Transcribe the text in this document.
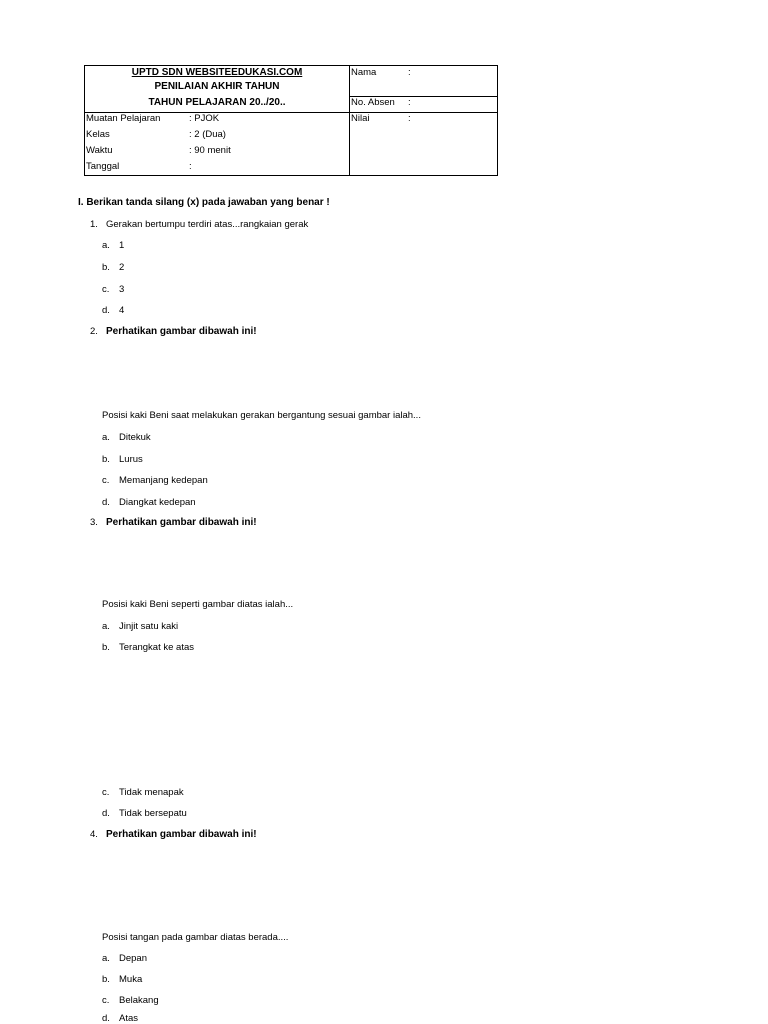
UPTD SDN WEBSITEEDUKASI.COM
PENILAIAN AKHIR TAHUN
TAHUN PELAJARAN 20../20..
Muatan Pelajaran	: PJOK
Kelas	: 2 (Dua)
Waktu	: 90 menit
Tanggal	:
Nama	:
No. Absen :
Nilai	:
I. Berikan tanda silang (x) pada jawaban yang benar !
1. Gerakan bertumpu terdiri atas...rangkaian gerak
a. 1
b. 2
c. 3
d. 4
2. Perhatikan gambar dibawah ini!
Posisi kaki Beni saat melakukan gerakan bergantung sesuai gambar ialah...
a. Ditekuk
b. Lurus
c. Memanjang kedepan
d. Diangkat kedepan
3. Perhatikan gambar dibawah ini!
Posisi kaki Beni seperti gambar diatas ialah...
a. Jinjit satu kaki
b. Terangkat ke atas
c. Tidak menapak
d. Tidak bersepatu
4. Perhatikan gambar dibawah ini!
Posisi tangan pada gambar diatas berada....
a. Depan
b. Muka
c. Belakang
d. Atas
